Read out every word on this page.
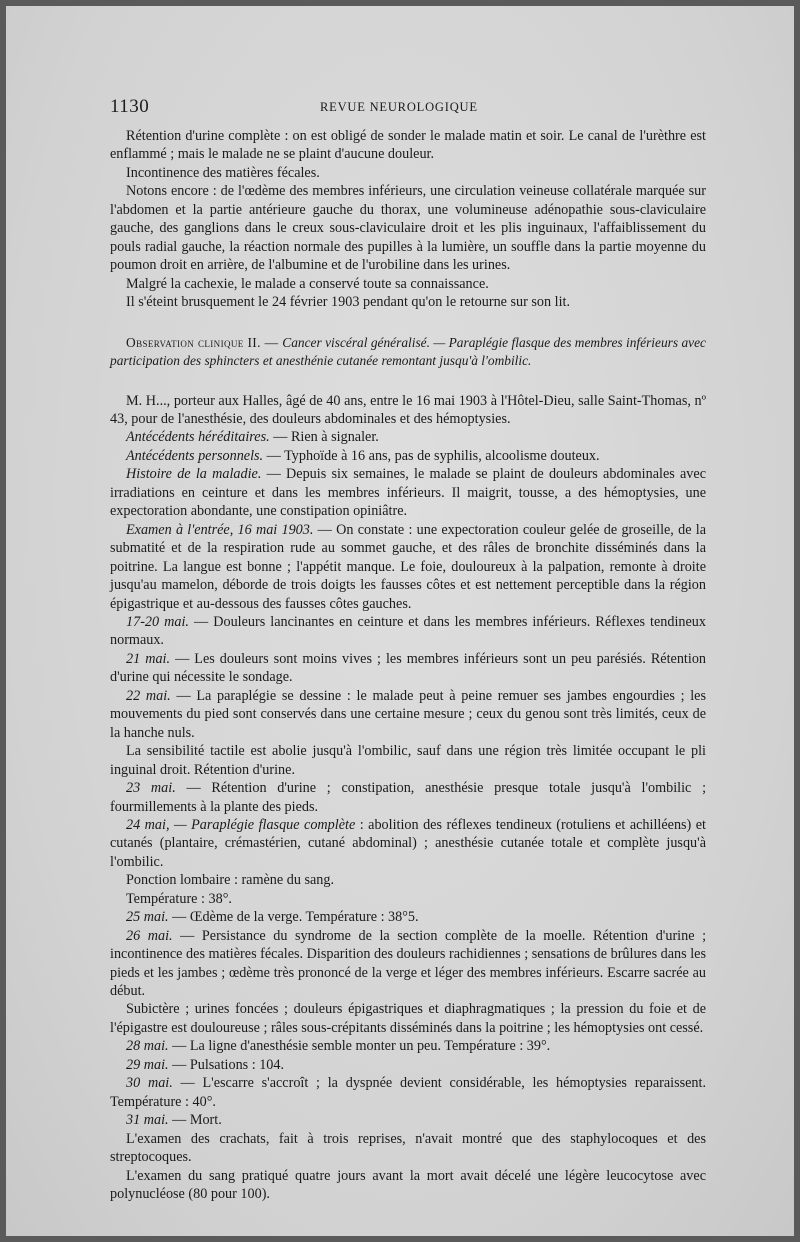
1130	REVUE NEUROLOGIQUE

Rétention d'urine complète : on est obligé de sonder le malade matin et soir. Le canal de l'urèthre est enflammé ; mais le malade ne se plaint d'aucune douleur.

Incontinence des matières fécales.

Notons encore : de l'œdème des membres inférieurs, une circulation veineuse collatérale marquée sur l'abdomen et la partie antérieure gauche du thorax, une volumineuse adénopathie sous-claviculaire gauche, des ganglions dans le creux sous-claviculaire droit et les plis inguinaux, l'affaiblissement du pouls radial gauche, la réaction normale des pupilles à la lumière, un souffle dans la partie moyenne du poumon droit en arrière, de l'albumine et de l'urobiline dans les urines.

Malgré la cachexie, le malade a conservé toute sa connaissance.

Il s'éteint brusquement le 24 février 1903 pendant qu'on le retourne sur son lit.

Observation clinique II. — Cancer viscéral généralisé. — Paraplégie flasque des membres inférieurs avec participation des sphincters et anesthénie cutanée remontant jusqu'à l'ombilic.

M. H..., porteur aux Halles, âgé de 40 ans, entre le 16 mai 1903 à l'Hôtel-Dieu, salle Saint-Thomas, nº 43, pour de l'anesthésie, des douleurs abdominales et des hémoptysies.

Antécédents héréditaires. — Rien à signaler.

Antécédents personnels. — Typhoïde à 16 ans, pas de syphilis, alcoolisme douteux.

Histoire de la maladie. — Depuis six semaines, le malade se plaint de douleurs abdominales avec irradiations en ceinture et dans les membres inférieurs. Il maigrit, tousse, a des hémoptysies, une expectoration abondante, une constipation opiniâtre.

Examen à l'entrée, 16 mai 1903. — On constate : une expectoration couleur gelée de groseille, de la submatité et de la respiration rude au sommet gauche, et des râles de bronchite disséminés dans la poitrine. La langue est bonne ; l'appétit manque. Le foie, douloureux à la palpation, remonte à droite jusqu'au mamelon, déborde de trois doigts les fausses côtes et est nettement perceptible dans la région épigastrique et au-dessous des fausses côtes gauches.

17-20 mai. — Douleurs lancinantes en ceinture et dans les membres inférieurs. Réflexes tendineux normaux.

21 mai. — Les douleurs sont moins vives ; les membres inférieurs sont un peu parésiés. Rétention d'urine qui nécessite le sondage.

22 mai. — La paraplégie se dessine : le malade peut à peine remuer ses jambes engourdies ; les mouvements du pied sont conservés dans une certaine mesure ; ceux du genou sont très limités, ceux de la hanche nuls.

La sensibilité tactile est abolie jusqu'à l'ombilic, sauf dans une région très limitée occupant le pli inguinal droit. Rétention d'urine.

23 mai. — Rétention d'urine ; constipation, anesthésie presque totale jusqu'à l'ombilic ; fourmillements à la plante des pieds.

24 mai, — Paraplégie flasque complète : abolition des réflexes tendineux (rotuliens et achilléens) et cutanés (plantaire, crémastérien, cutané abdominal) ; anesthésie cutanée totale et complète jusqu'à l'ombilic.

Ponction lombaire : ramène du sang.

Température : 38°.

25 mai. — Œdème de la verge. Température : 38°5.

26 mai. — Persistance du syndrome de la section complète de la moelle. Rétention d'urine ; incontinence des matières fécales. Disparition des douleurs rachidiennes ; sensations de brûlures dans les pieds et les jambes ; œdème très prononcé de la verge et léger des membres inférieurs. Escarre sacrée au début.

Subictère ; urines foncées ; douleurs épigastriques et diaphragmatiques ; la pression du foie et de l'épigastre est douloureuse ; râles sous-crépitants disséminés dans la poitrine ; les hémoptysies ont cessé.

28 mai. — La ligne d'anesthésie semble monter un peu. Température : 39°.

29 mai. — Pulsations : 104.

30 mai. — L'escarre s'accroît ; la dyspnée devient considérable, les hémoptysies reparaissent. Température : 40°.

31 mai. — Mort.

L'examen des crachats, fait à trois reprises, n'avait montré que des staphylocoques et des streptocoques.

L'examen du sang pratiqué quatre jours avant la mort avait décelé une légère leucocytose avec polynucléose (80 pour 100).
